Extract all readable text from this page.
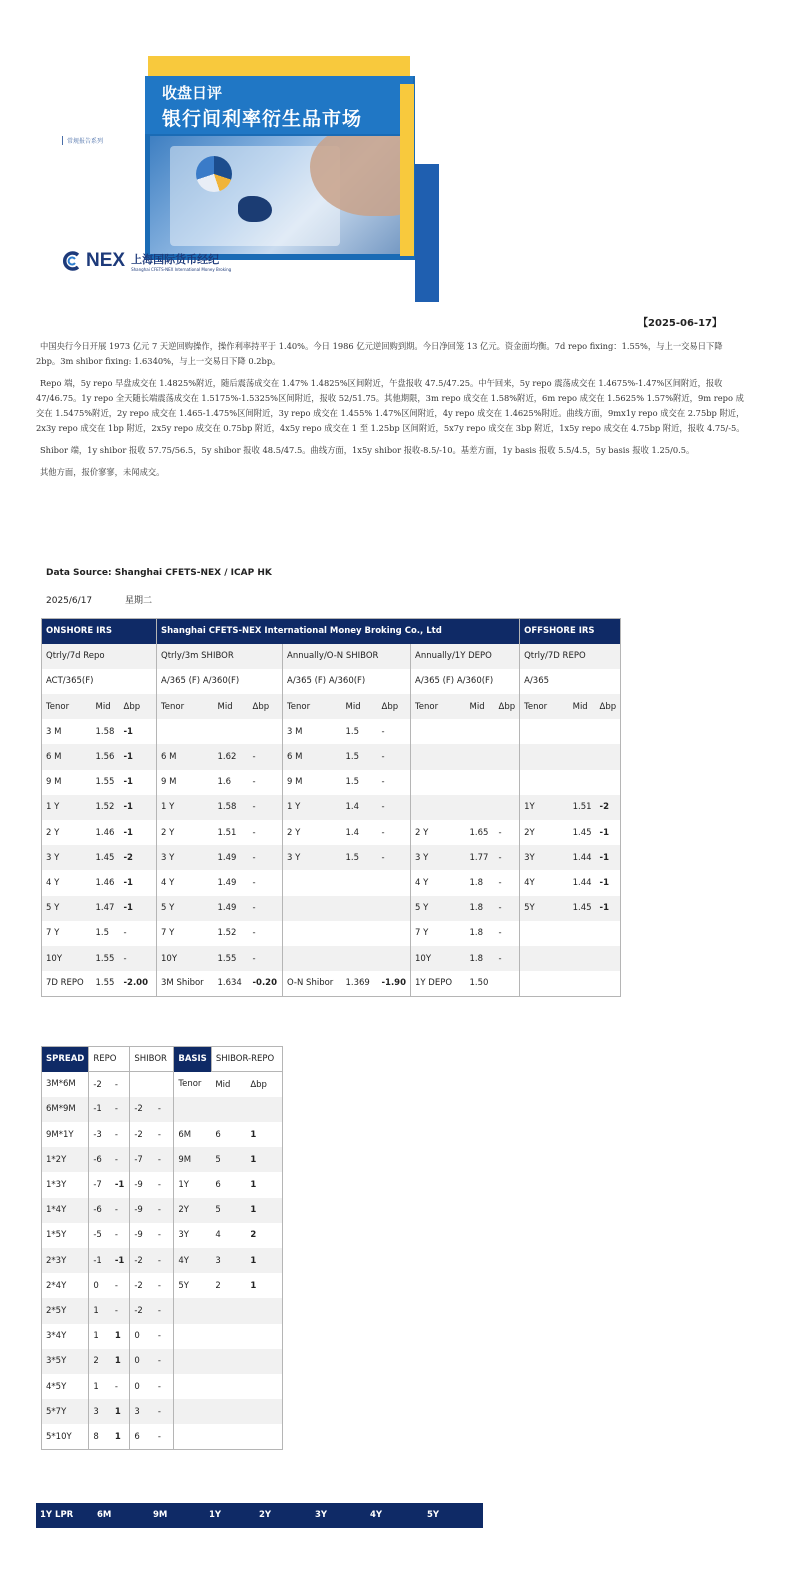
收盘日评
银行间利率衍生品市场
常规报告系列
NEX 上海国际货币经纪
Shanghai CFETS-NEX International Money Broking
【2025-06-17】

中国央行今日开展 1973 亿元 7 天逆回购操作，操作利率持平于 1.40%。今日 1986 亿元逆回购到期。今日净回笼 13 亿元。资金面均衡。7d repo fixing：1.55%，与上一交易日下降 2bp。3m shibor fixing: 1.6340%，与上一交易日下降 0.2bp。

Repo 端，5y repo 早盘成交在 1.4825%附近，随后震荡成交在 1.47% 1.4825%区间附近，午盘报收 47.5/47.25。中午回来，5y repo 震荡成交在 1.4675%-1.47%区间附近，报收 47/46.75。1y repo 全天随长端震荡成交在 1.5175%-1.5325%区间附近，报收 52/51.75。其他期限，3m repo 成交在 1.58%附近，6m repo 成交在 1.5625% 1.57%附近，9m repo 成交在 1.5475%附近，2y repo 成交在 1.465-1.475%区间附近，3y repo 成交在 1.455% 1.47%区间附近，4y repo 成交在 1.4625%附近。曲线方面，9mx1y repo 成交在 2.75bp 附近，2x3y repo 成交在 1bp 附近，2x5y repo 成交在 0.75bp 附近，4x5y repo 成交在 1 至 1.25bp 区间附近，5x7y repo 成交在 3bp 附近，1x5y repo 成交在 4.75bp 附近，报收 4.75/-5。

Shibor 端，1y shibor 报收 57.75/56.5，5y shibor 报收 48.5/47.5。曲线方面，1x5y shibor 报收-8.5/-10。基差方面，1y basis 报收 5.5/4.5，5y basis 报收 1.25/0.5。

其他方面，报价寥寥，未闻成交。

Data Source: Shanghai CFETS-NEX / ICAP HK
2025/6/17	星期二
ONSHORE IRS			Shanghai CFETS-NEX International Money Broking Co., Ltd									OFFSHORE IRS		
Qtrly/7d Repo			Qtrly/3m SHIBOR			Annually/O-N SHIBOR			Annually/1Y DEPO			Qtrly/7D REPO		
ACT/365(F)			A/365 (F) A/360(F)			A/365 (F) A/360(F)			A/365 (F) A/360(F)			A/365		
Tenor	Mid	Δbp	Tenor	Mid	Δbp	Tenor	Mid	Δbp	Tenor	Mid	Δbp	Tenor	Mid	Δbp
3 M	1.58	-1				3 M	1.5	-						
6 M	1.56	-1	6 M	1.62	-	6 M	1.5	-						
9 M	1.55	-1	9 M	1.6	-	9 M	1.5	-						
1 Y	1.52	-1	1 Y	1.58	-	1 Y	1.4	-				1Y	1.51	-2
2 Y	1.46	-1	2 Y	1.51	-	2 Y	1.4	-	2 Y	1.65	-	2Y	1.45	-1
3 Y	1.45	-2	3 Y	1.49	-	3 Y	1.5	-	3 Y	1.77	-	3Y	1.44	-1
4 Y	1.46	-1	4 Y	1.49	-				4 Y	1.8	-	4Y	1.44	-1
5 Y	1.47	-1	5 Y	1.49	-				5 Y	1.8	-	5Y	1.45	-1
7 Y	1.5	-	7 Y	1.52	-				7 Y	1.8	-			
10Y	1.55	-	10Y	1.55	-				10Y	1.8	-			
7D REPO	1.55	-2.00	3M Shibor	1.634	-0.20	O-N Shibor	1.369	-1.90	1Y DEPO	1.50				
SPREAD	REPO		SHIBOR		BASIS	SHIBOR-REPO	
3M*6M	-2	-			Tenor	Mid	Δbp
6M*9M	-1	-	-2	-			
9M*1Y	-3	-	-2	-	6M	6	1
1*2Y	-6	-	-7	-	9M	5	1
1*3Y	-7	-1	-9	-	1Y	6	1
1*4Y	-6	-	-9	-	2Y	5	1
1*5Y	-5	-	-9	-	3Y	4	2
2*3Y	-1	-1	-2	-	4Y	3	1
2*4Y	0	-	-2	-	5Y	2	1
2*5Y	1	-	-2	-			
3*4Y	1	1	0	-			
3*5Y	2	1	0	-			
4*5Y	1	-	0	-			
5*7Y	3	1	3	-			
5*10Y	8	1	6	-			
1Y LPR	6M	9M	1Y	2Y	3Y	4Y	5Y
